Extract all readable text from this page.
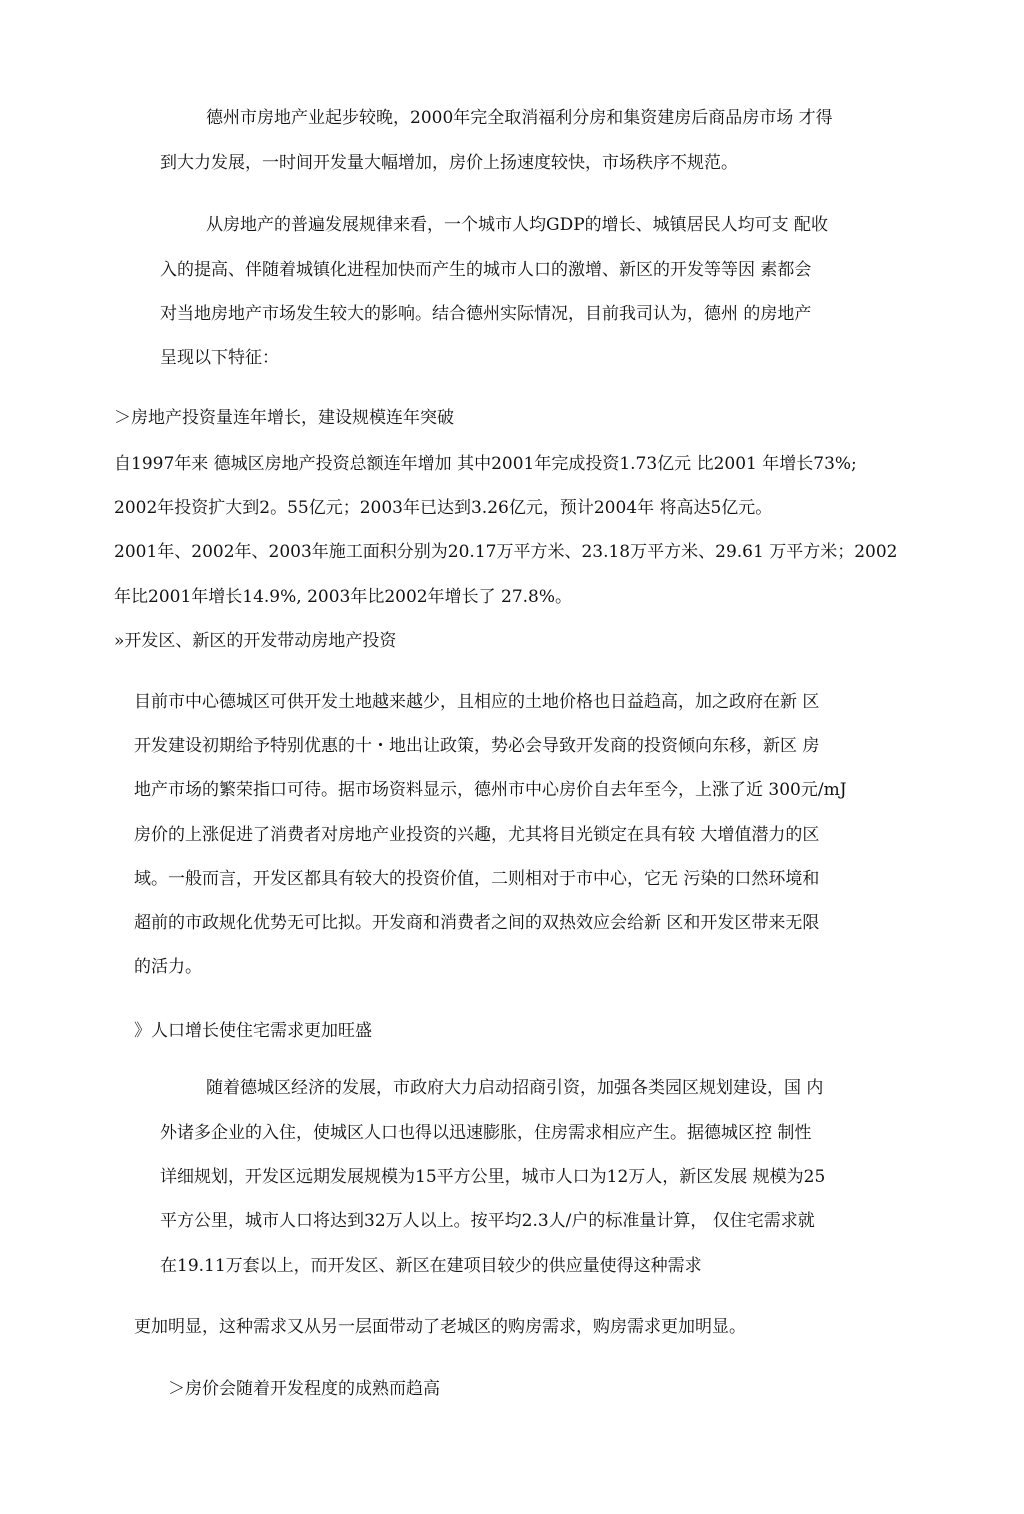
德州市房地产业起步较晚，2000年完全取消福利分房和集资建房后商品房市场 才得
到大力发展，一时间开发量大幅增加，房价上扬速度较快，市场秩序不规范。
从房地产的普遍发展规律来看，一个城市人均GDP的增长、城镇居民人均可支 配收
入的提高、伴随着城镇化进程加快而产生的城市人口的激增、新区的开发等等因 素都会
对当地房地产市场发生较大的影响。结合德州实际情况，目前我司认为，德州 的房地产
呈现以下特征：
＞房地产投资量连年增长，建设规模连年突破
自1997年来 德城区房地产投资总额连年增加 其中2001年完成投资1.73亿元 比2001 年增长73%;
2002年投资扩大到2。55亿元；2003年已达到3.26亿元，预计2004年 将高达5亿元。
2001年、2002年、2003年施工面积分别为20.17万平方米、23.18万平方米、29.61 万平方米；2002
年比2001年增长14.9%, 2003年比2002年增长了 27.8%。
»开发区、新区的开发带动房地产投资
目前市中心德城区可供开发土地越来越少，且相应的土地价格也日益趋高，加之政府在新 区
开发建设初期给予特别优惠的十・地出让政策，势必会导致开发商的投资倾向东移，新区 房
地产市场的繁荣指口可待。据市场资料显示，德州市中心房价自去年至今，上涨了近 300元/mJ
房价的上涨促进了消费者对房地产业投资的兴趣，尤其将目光锁定在具有较 大增值潜力的区
域。一般而言，开发区都具有较大的投资价值，二则相对于市中心，它无 污染的口然环境和
超前的市政规化优势无可比拟。开发商和消费者之间的双热效应会给新 区和开发区带来无限
的活力。
》人口增长使住宅需求更加旺盛
随着德城区经济的发展，市政府大力启动招商引资，加强各类园区规划建设，国 内
外诸多企业的入住，使城区人口也得以迅速膨胀，住房需求相应产生。据德城区控 制性
详细规划，开发区远期发展规模为15平方公里，城市人口为12万人，新区发展 规模为25
平方公里，城市人口将达到32万人以上。按平均2.3人/户的标准量计算， 仅住宅需求就
在19.11万套以上，而开发区、新区在建项目较少的供应量使得这种需求
更加明显，这种需求又从另一层面带动了老城区的购房需求，购房需求更加明显。
＞房价会随着开发程度的成熟而趋高
